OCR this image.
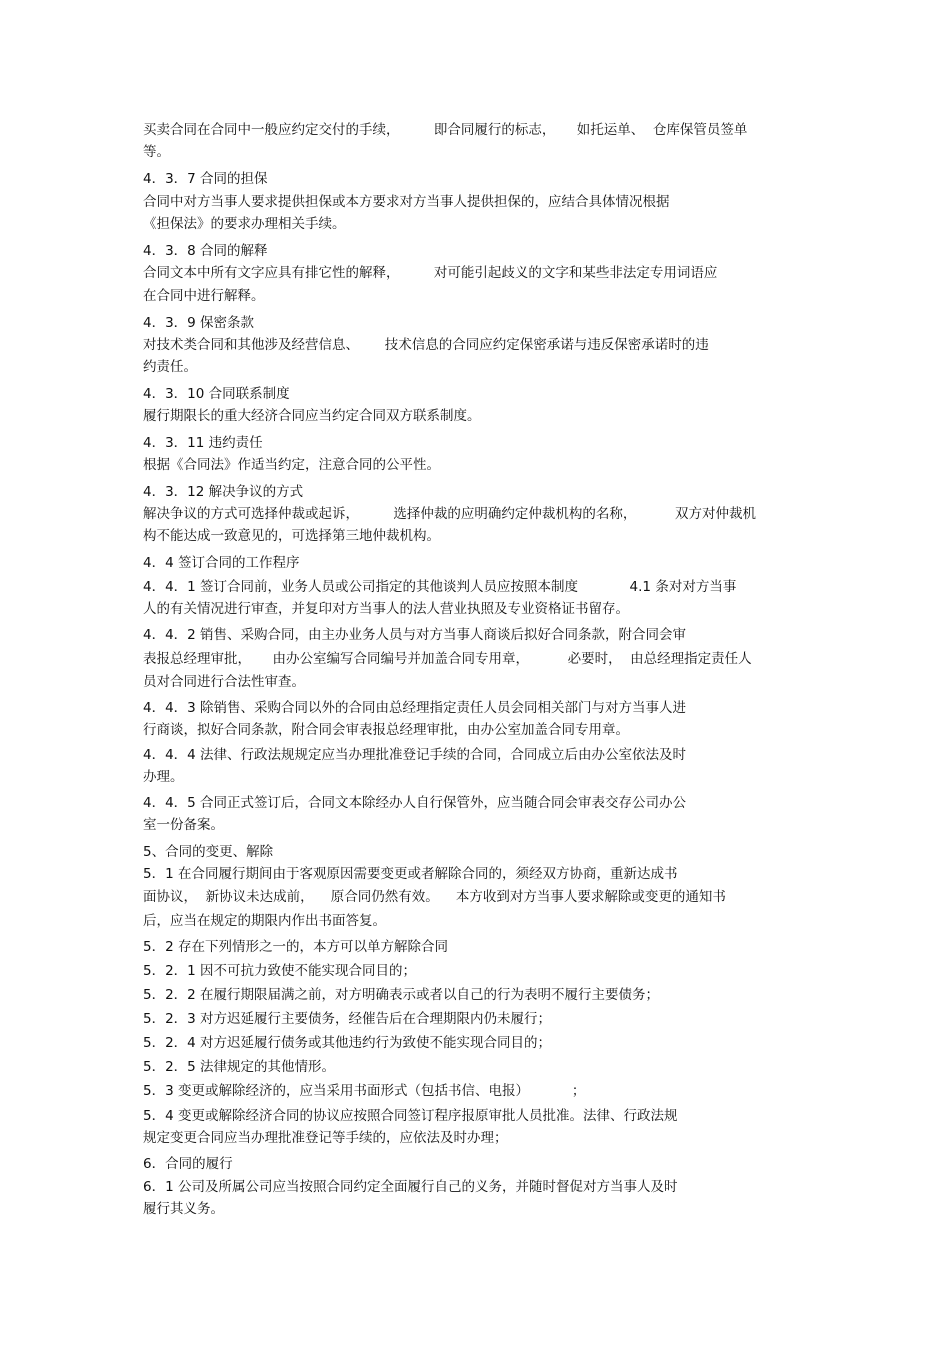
买卖合同在合同中一般应约定交付的手续，        即合同履行的标志，     如托运单、  仓库保管员签单
等。
4．3．7 合同的担保
合同中对方当事人要求提供担保或本方要求对方当事人提供担保的，应结合具体情况根据
《担保法》的要求办理相关手续。
4．3．8 合同的解释
合同文本中所有文字应具有排它性的解释，        对可能引起歧义的文字和某些非法定专用词语应
在合同中进行解释。
4．3．9 保密条款
对技术类合同和其他涉及经营信息、      技术信息的合同应约定保密承诺与违反保密承诺时的违
约责任。
4．3．10 合同联系制度
履行期限长的重大经济合同应当约定合同双方联系制度。
4．3．11 违约责任
根据《合同法》作适当约定，注意合同的公平性。
4．3．12 解决争议的方式
解决争议的方式可选择仲裁或起诉，        选择仲裁的应明确约定仲裁机构的名称，         双方对仲裁机
构不能达成一致意见的，可选择第三地仲裁机构。
4．4 签订合同的工作程序
4．4．1 签订合同前，业务人员或公司指定的其他谈判人员应按照本制度            4.1 条对对方当事
人的有关情况进行审查，并复印对方当事人的法人营业执照及专业资格证书留存。
4．4．2 销售、采购合同，由主办业务人员与对方当事人商谈后拟好合同条款，附合同会审
表报总经理审批，     由办公室编写合同编号并加盖合同专用章，         必要时，  由总经理指定责任人
员对合同进行合法性审查。
4．4．3 除销售、采购合同以外的合同由总经理指定责任人员会同相关部门与对方当事人进
行商谈，拟好合同条款，附合同会审表报总经理审批，由办公室加盖合同专用章。
4．4．4 法律、行政法规规定应当办理批准登记手续的合同，合同成立后由办公室依法及时
办理。
4．4．5 合同正式签订后，合同文本除经办人自行保管外，应当随合同会审表交存公司办公
室一份备案。
5、合同的变更、解除
5．1 在合同履行期间由于客观原因需要变更或者解除合同的，须经双方协商，重新达成书
面协议，  新协议未达成前，    原合同仍然有效。    本方收到对方当事人要求解除或变更的通知书
后，应当在规定的期限内作出书面答复。
5．2 存在下列情形之一的，本方可以单方解除合同
5．2．1 因不可抗力致使不能实现合同目的；
5．2．2 在履行期限届满之前，对方明确表示或者以自己的行为表明不履行主要债务；
5．2．3 对方迟延履行主要债务，经催告后在合理期限内仍未履行；
5．2．4 对方迟延履行债务或其他违约行为致使不能实现合同目的；
5．2．5 法律规定的其他情形。
5．3 变更或解除经济的，应当采用书面形式（包括书信、电报）          ；
5．4 变更或解除经济合同的协议应按照合同签订程序报原审批人员批准。法律、行政法规
规定变更合同应当办理批准登记等手续的，应依法及时办理；
6．合同的履行
6．1 公司及所属公司应当按照合同约定全面履行自己的义务，并随时督促对方当事人及时
履行其义务。
